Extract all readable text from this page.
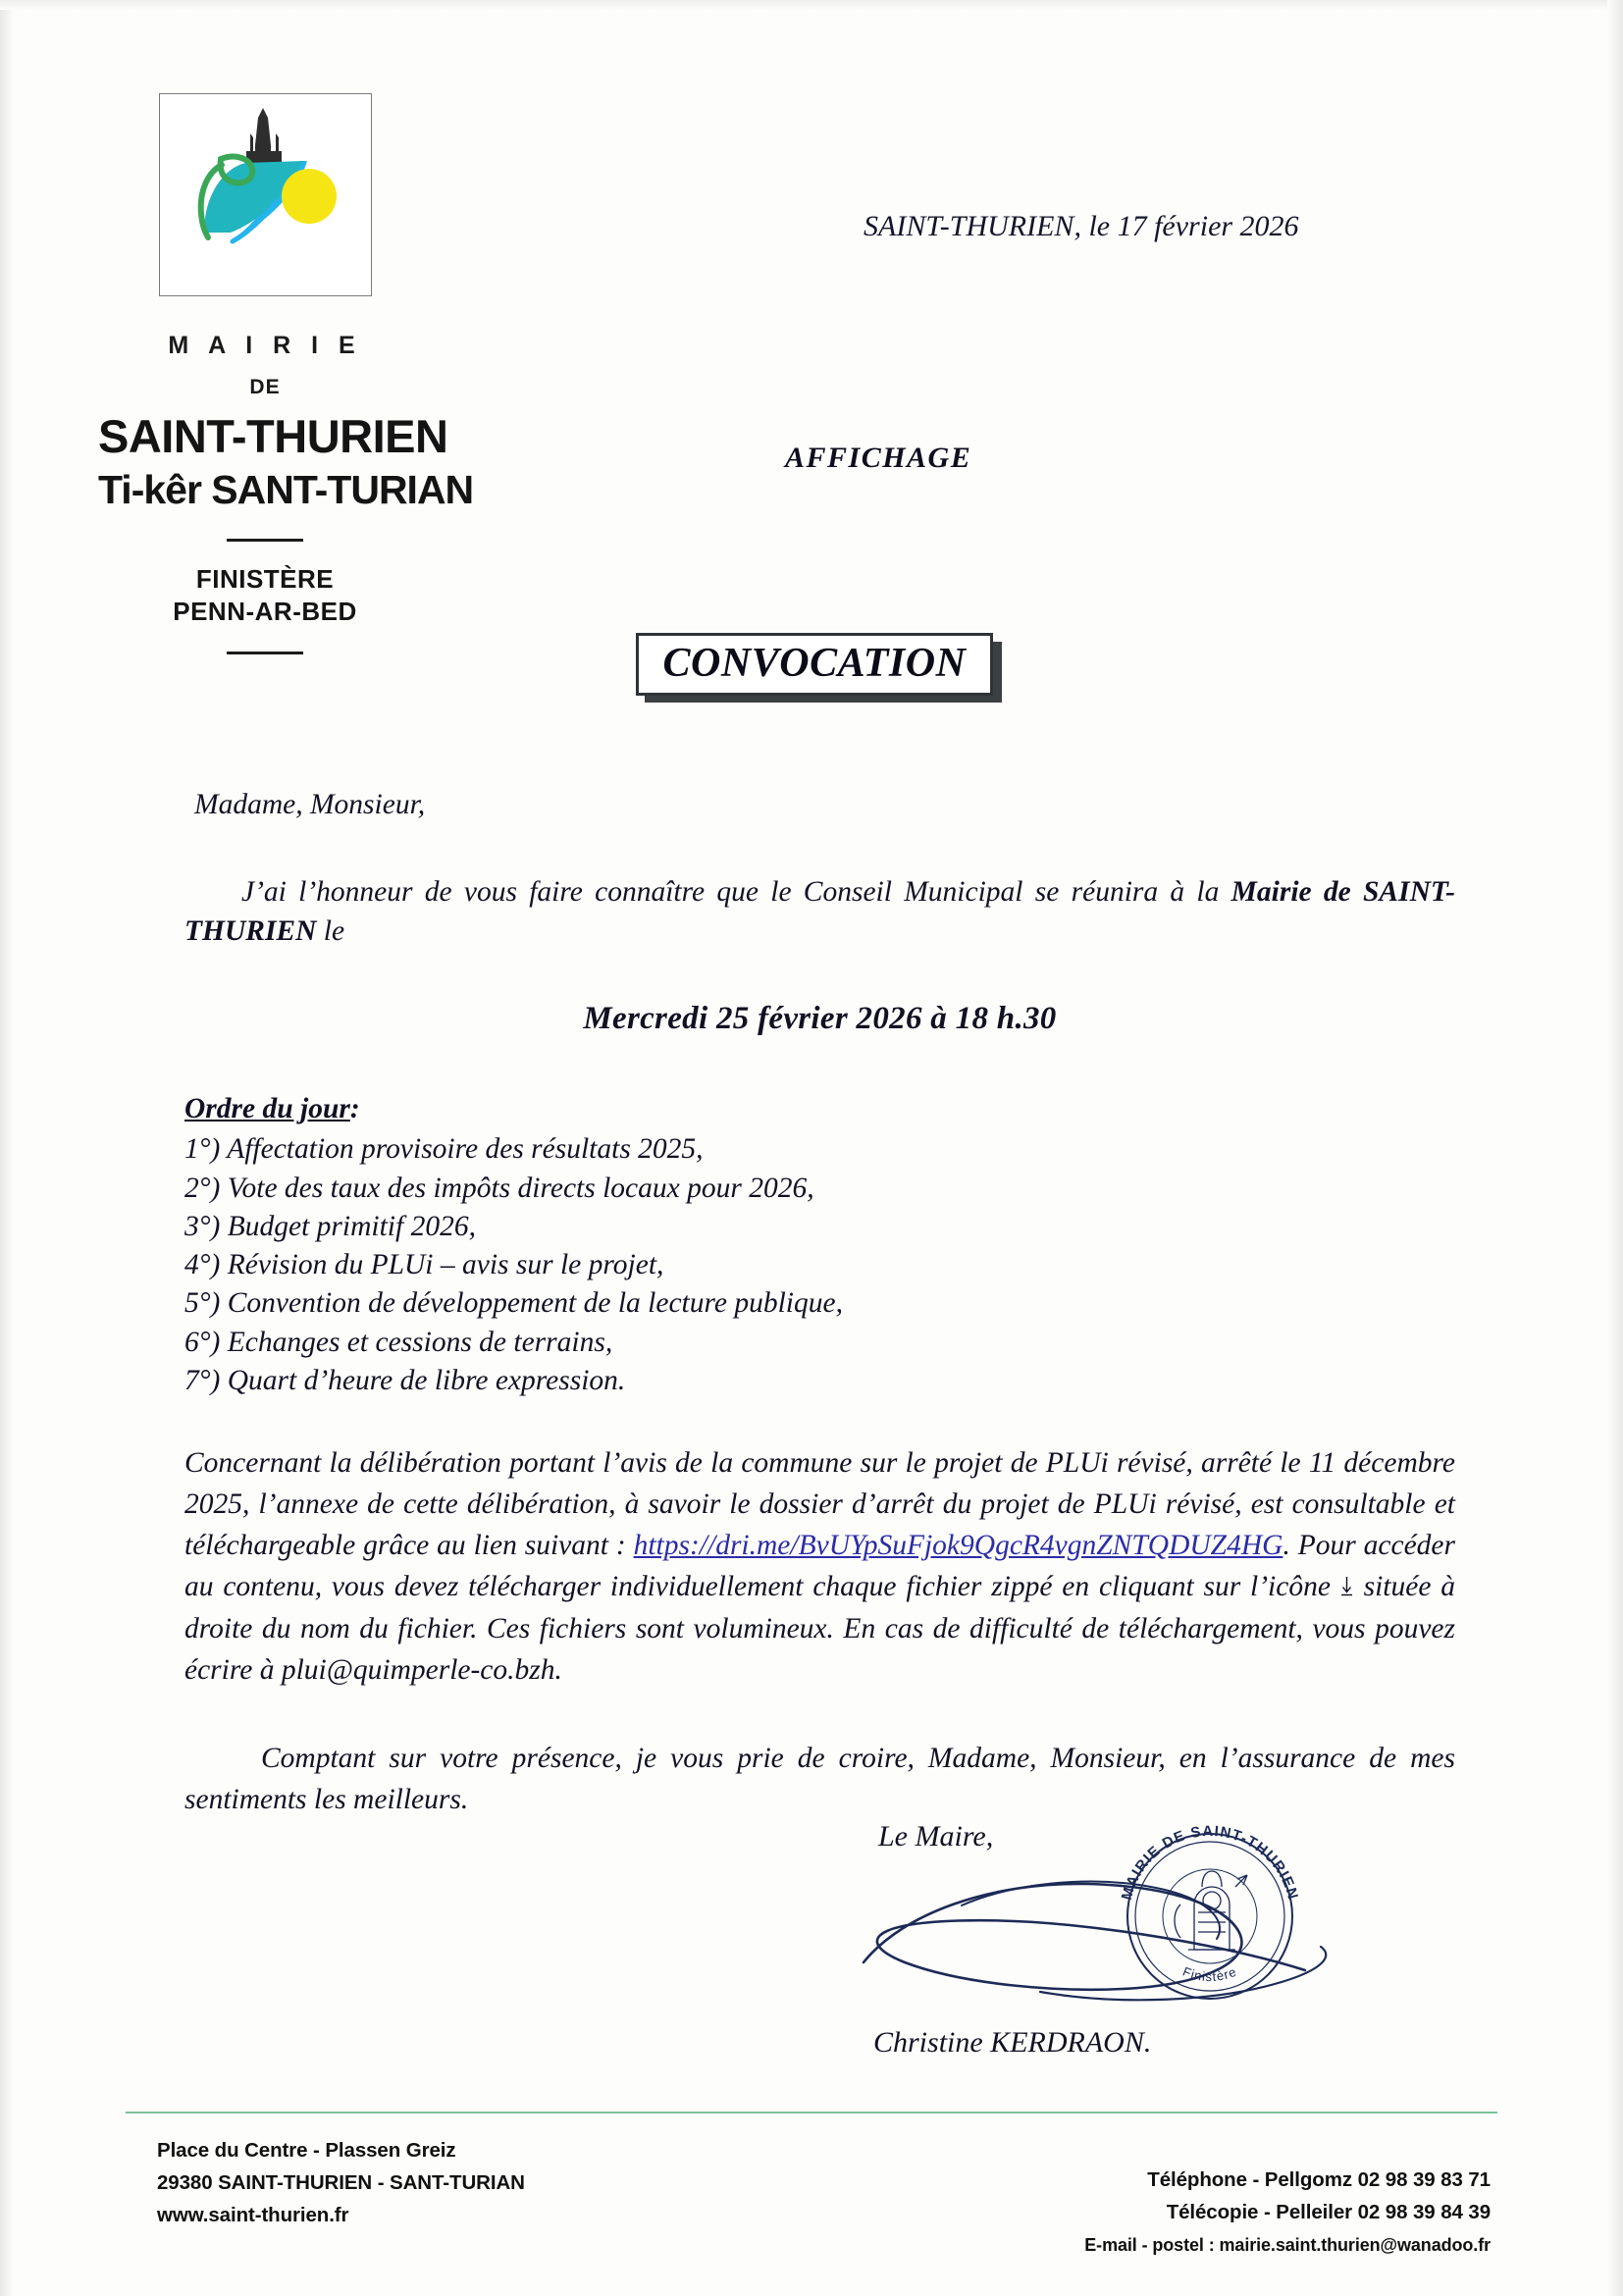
M A I R I E
DE
SAINT-THURIEN
Ti-kêr SANT-TURIAN
FINISTÈRE
PENN-AR-BED
SAINT-THURIEN, le 17 février 2026
AFFICHAGE
CONVOCATION

Madame, Monsieur,

J’ai l’honneur de vous faire connaître que le Conseil Municipal se réunira à la Mairie de SAINT-THURIEN le

Mercredi 25 février 2026 à 18 h.30

Ordre du jour:
1°) Affectation provisoire des résultats 2025,
2°) Vote des taux des impôts directs locaux pour 2026,
3°) Budget primitif 2026,
4°) Révision du PLUi – avis sur le projet,
5°) Convention de développement de la lecture publique,
6°) Echanges et cessions de terrains,
7°) Quart d’heure de libre expression.

Concernant la délibération portant l’avis de la commune sur le projet de PLUi révisé, arrêté le 11 décembre 2025, l’annexe de cette délibération, à savoir le dossier d’arrêt du projet de PLUi révisé, est consultable et téléchargeable grâce au lien suivant : https://dri.me/BvUYpSuFjok9QgcR4vgnZNTQDUZ4HG. Pour accéder au contenu, vous devez télécharger individuellement chaque fichier zippé en cliquant sur l’icône  située à droite du nom du fichier. Ces fichiers sont volumineux. En cas de difficulté de téléchargement, vous pouvez écrire à plui@quimperle-co.bzh.

Comptant sur votre présence, je vous prie de croire, Madame, Monsieur, en l’assurance de mes sentiments les meilleurs.

Le Maire,
MAIRIE DE SAINT-THURIEN
Finistère
Christine KERDRAON.
Place du Centre - Plassen Greiz
29380 SAINT-THURIEN - SANT-TURIAN
www.saint-thurien.fr
Téléphone - Pellgomz 02 98 39 83 71
Télécopie - Pelleiler 02 98 39 84 39
E-mail - postel : mairie.saint.thurien@wanadoo.fr
